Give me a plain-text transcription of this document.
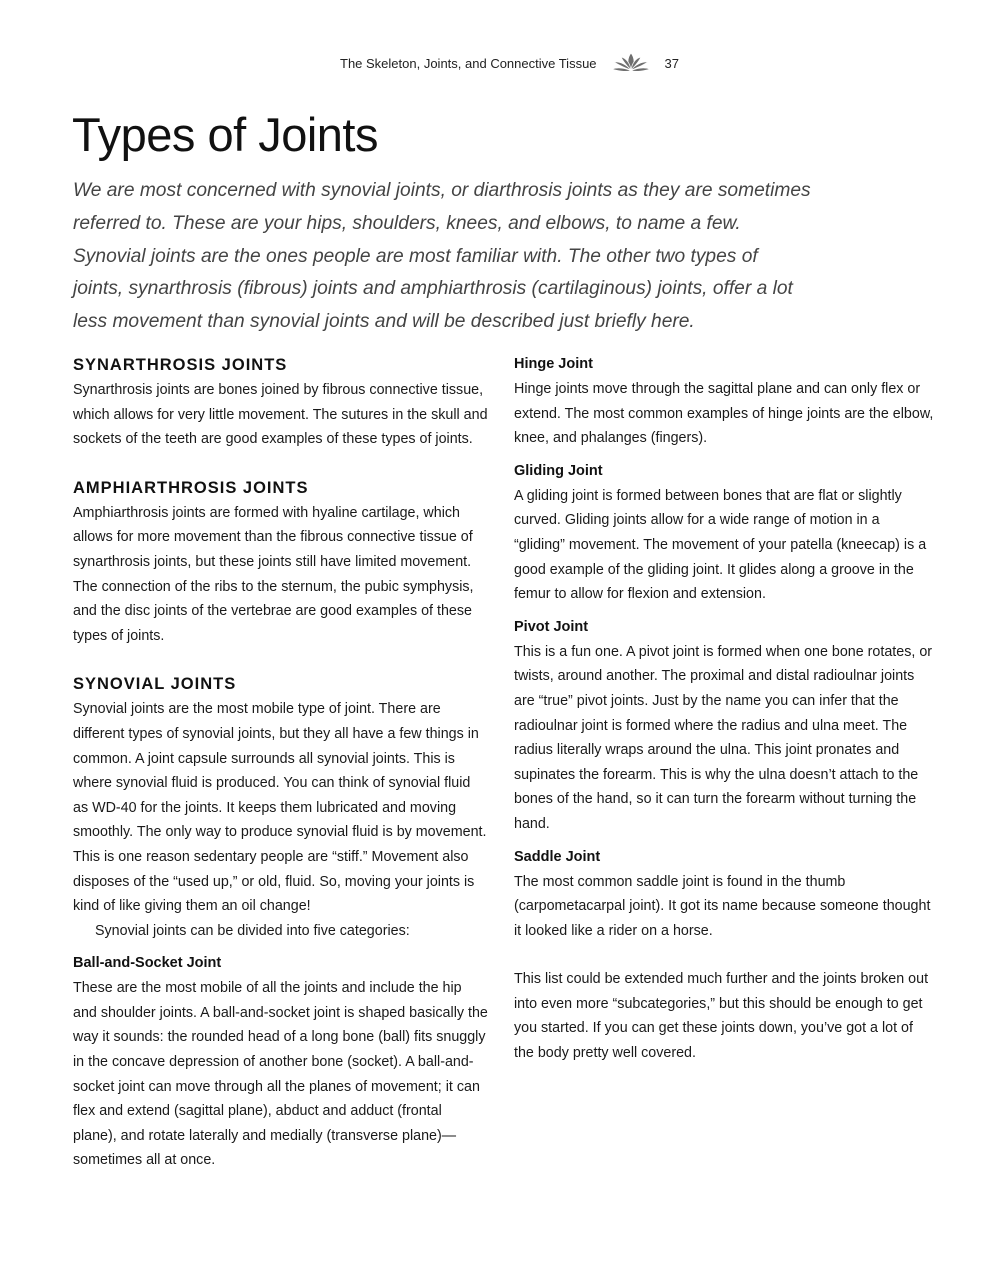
The Skeleton, Joints, and Connective Tissue	37
Types of Joints

We are most concerned with synovial joints, or diarthrosis joints as they are sometimes referred to. These are your hips, shoulders, knees, and elbows, to name a few. Synovial joints are the ones people are most familiar with. The other two types of joints, synarthrosis (fibrous) joints and amphiarthrosis (cartilaginous) joints, offer a lot less movement than synovial joints and will be described just briefly here.

SYNARTHROSIS JOINTS

Synarthrosis joints are bones joined by fibrous connective tissue, which allows for very little movement. The sutures in the skull and sockets of the teeth are good examples of these types of joints.

AMPHIARTHROSIS JOINTS

Amphiarthrosis joints are formed with hyaline cartilage, which allows for more movement than the fibrous connective tissue of synarthrosis joints, but these joints still have limited movement. The connection of the ribs to the sternum, the pubic symphysis, and the disc joints of the vertebrae are good examples of these types of joints.

SYNOVIAL JOINTS

Synovial joints are the most mobile type of joint. There are different types of synovial joints, but they all have a few things in common. A joint capsule surrounds all synovial joints. This is where synovial fluid is produced. You can think of synovial fluid as WD-40 for the joints. It keeps them lubricated and moving smoothly. The only way to produce synovial fluid is by movement. This is one reason sedentary people are “stiff.” Movement also disposes of the “used up,” or old, fluid. So, moving your joints is kind of like giving them an oil change!

Synovial joints can be divided into five categories:

Ball-and-Socket Joint

These are the most mobile of all the joints and include the hip and shoulder joints. A ball-and-socket joint is shaped basically the way it sounds: the rounded head of a long bone (ball) fits snuggly in the concave depression of another bone (socket). A ball-and-socket joint can move through all the planes of movement; it can flex and extend (sagittal plane), abduct and adduct (frontal plane), and rotate laterally and medially (transverse plane)—sometimes all at once.

Hinge Joint

Hinge joints move through the sagittal plane and can only flex or extend. The most common examples of hinge joints are the elbow, knee, and phalanges (fingers).

Gliding Joint

A gliding joint is formed between bones that are flat or slightly curved. Gliding joints allow for a wide range of motion in a “gliding” movement. The movement of your patella (kneecap) is a good example of the gliding joint. It glides along a groove in the femur to allow for flexion and extension.

Pivot Joint

This is a fun one. A pivot joint is formed when one bone rotates, or twists, around another. The proximal and distal radioulnar joints are “true” pivot joints. Just by the name you can infer that the radioulnar joint is formed where the radius and ulna meet. The radius literally wraps around the ulna. This joint pronates and supinates the forearm. This is why the ulna doesn’t attach to the bones of the hand, so it can turn the forearm without turning the hand.

Saddle Joint

The most common saddle joint is found in the thumb (carpometacarpal joint). It got its name because someone thought it looked like a rider on a horse.

This list could be extended much further and the joints broken out into even more “subcategories,” but this should be enough to get you started. If you can get these joints down, you’ve got a lot of the body pretty well covered.
